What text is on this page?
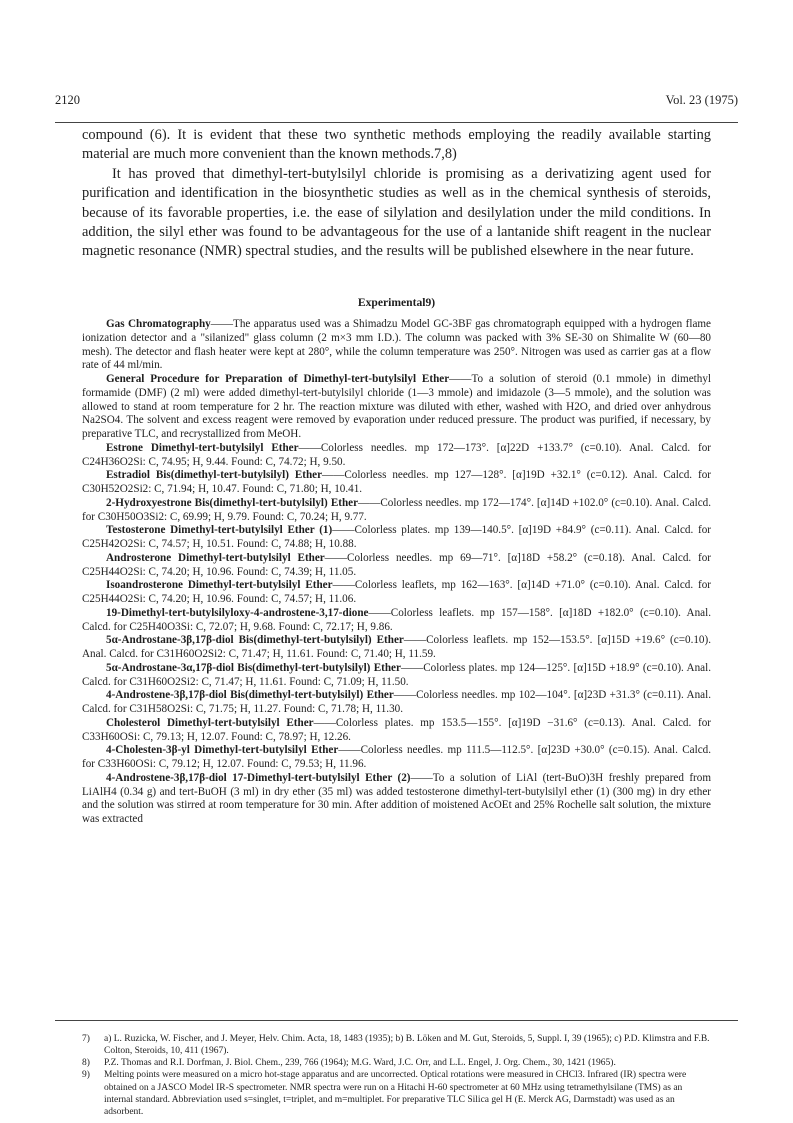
2120	Vol. 23 (1975)

compound (6). It is evident that these two synthetic methods employing the readily available starting material are much more convenient than the known methods.7,8)

It has proved that dimethyl-tert-butylsilyl chloride is promising as a derivatizing agent used for purification and identification in the biosynthetic studies as well as in the chemical synthesis of steroids, because of its favorable properties, i.e. the ease of silylation and desilylation under the mild conditions. In addition, the silyl ether was found to be advantageous for the use of a lantanide shift reagent in the nuclear magnetic resonance (NMR) spectral studies, and the results will be published elsewhere in the near future.

Experimental9)

Gas Chromatography——The apparatus used was a Shimadzu Model GC-3BF gas chromatograph equipped with a hydrogen flame ionization detector and a "silanized" glass column (2 m×3 mm I.D.). The column was packed with 3% SE-30 on Shimalite W (60—80 mesh). The detector and flash heater were kept at 280°, while the column temperature was 250°. Nitrogen was used as carrier gas at a flow rate of 44 ml/min.

General Procedure for Preparation of Dimethyl-tert-butylsilyl Ether——To a solution of steroid (0.1 mmole) in dimethyl formamide (DMF) (2 ml) were added dimethyl-tert-butylsilyl chloride (1—3 mmole) and imidazole (3—5 mmole), and the solution was allowed to stand at room temperature for 2 hr. The reaction mixture was diluted with ether, washed with H2O, and dried over anhydrous Na2SO4. The solvent and excess reagent were removed by evaporation under reduced pressure. The product was purified, if necessary, by preparative TLC, and recrystallized from MeOH.

Estrone Dimethyl-tert-butylsilyl Ether——Colorless needles. mp 172—173°. [α]22D +133.7° (c=0.10). Anal. Calcd. for C24H36O2Si: C, 74.95; H, 9.44. Found: C, 74.72; H, 9.50.

Estradiol Bis(dimethyl-tert-butylsilyl) Ether——Colorless needles. mp 127—128°. [α]19D +32.1° (c=0.12). Anal. Calcd. for C30H52O2Si2: C, 71.94; H, 10.47. Found: C, 71.80; H, 10.41.

2-Hydroxyestrone Bis(dimethyl-tert-butylsilyl) Ether——Colorless needles. mp 172—174°. [α]14D +102.0° (c=0.10). Anal. Calcd. for C30H50O3Si2: C, 69.99; H, 9.79. Found: C, 70.24; H, 9.77.

Testosterone Dimethyl-tert-butylsilyl Ether (1)——Colorless plates. mp 139—140.5°. [α]19D +84.9° (c=0.11). Anal. Calcd. for C25H42O2Si: C, 74.57; H, 10.51. Found: C, 74.88; H, 10.88.

Androsterone Dimethyl-tert-butylsilyl Ether——Colorless needles. mp 69—71°. [α]18D +58.2° (c=0.18). Anal. Calcd. for C25H44O2Si: C, 74.20; H, 10.96. Found: C, 74.39; H, 11.05.

Isoandrosterone Dimethyl-tert-butylsilyl Ether——Colorless leaflets, mp 162—163°. [α]14D +71.0° (c=0.10). Anal. Calcd. for C25H44O2Si: C, 74.20; H, 10.96. Found: C, 74.57; H, 11.06.

19-Dimethyl-tert-butylsilyloxy-4-androstene-3,17-dione——Colorless leaflets. mp 157—158°. [α]18D +182.0° (c=0.10). Anal. Calcd. for C25H40O3Si: C, 72.07; H, 9.68. Found: C, 72.17; H, 9.86.

5α-Androstane-3β,17β-diol Bis(dimethyl-tert-butylsilyl) Ether——Colorless leaflets. mp 152—153.5°. [α]15D +19.6° (c=0.10). Anal. Calcd. for C31H60O2Si2: C, 71.47; H, 11.61. Found: C, 71.40; H, 11.59.

5α-Androstane-3α,17β-diol Bis(dimethyl-tert-butylsilyl) Ether——Colorless plates. mp 124—125°. [α]15D +18.9° (c=0.10). Anal. Calcd. for C31H60O2Si2: C, 71.47; H, 11.61. Found: C, 71.09; H, 11.50.

4-Androstene-3β,17β-diol Bis(dimethyl-tert-butylsilyl) Ether——Colorless needles. mp 102—104°. [α]23D +31.3° (c=0.11). Anal. Calcd. for C31H58O2Si: C, 71.75; H, 11.27. Found: C, 71.78; H, 11.30.

Cholesterol Dimethyl-tert-butylsilyl Ether——Colorless plates. mp 153.5—155°. [α]19D −31.6° (c=0.13). Anal. Calcd. for C33H60OSi: C, 79.13; H, 12.07. Found: C, 78.97; H, 12.26.

4-Cholesten-3β-yl Dimethyl-tert-butylsilyl Ether——Colorless needles. mp 111.5—112.5°. [α]23D +30.0° (c=0.15). Anal. Calcd. for C33H60OSi: C, 79.12; H, 12.07. Found: C, 79.53; H, 11.96.

4-Androstene-3β,17β-diol 17-Dimethyl-tert-butylsilyl Ether (2)——To a solution of LiAl (tert-BuO)3H freshly prepared from LiAlH4 (0.34 g) and tert-BuOH (3 ml) in dry ether (35 ml) was added testosterone dimethyl-tert-butylsilyl ether (1) (300 mg) in dry ether and the solution was stirred at room temperature for 30 min. After addition of moistened AcOEt and 25% Rochelle salt solution, the mixture was extracted

7) a) L. Ruzicka, W. Fischer, and J. Meyer, Helv. Chim. Acta, 18, 1483 (1935); b) B. Löken and M. Gut, Steroids, 5, Suppl. I, 39 (1965); c) P.D. Klimstra and F.B. Colton, Steroids, 10, 411 (1967).
8) P.Z. Thomas and R.I. Dorfman, J. Biol. Chem., 239, 766 (1964); M.G. Ward, J.C. Orr, and L.L. Engel, J. Org. Chem., 30, 1421 (1965).
9) Melting points were measured on a micro hot-stage apparatus and are uncorrected. Optical rotations were measured in CHCl3. Infrared (IR) spectra were obtained on a JASCO Model IR-S spectrometer. NMR spectra were run on a Hitachi H-60 spectrometer at 60 MHz using tetramethylsilane (TMS) as an internal standard. Abbreviation used s=singlet, t=triplet, and m=multiplet. For preparative TLC Silica gel H (E. Merck AG, Darmstadt) was used as an adsorbent.
